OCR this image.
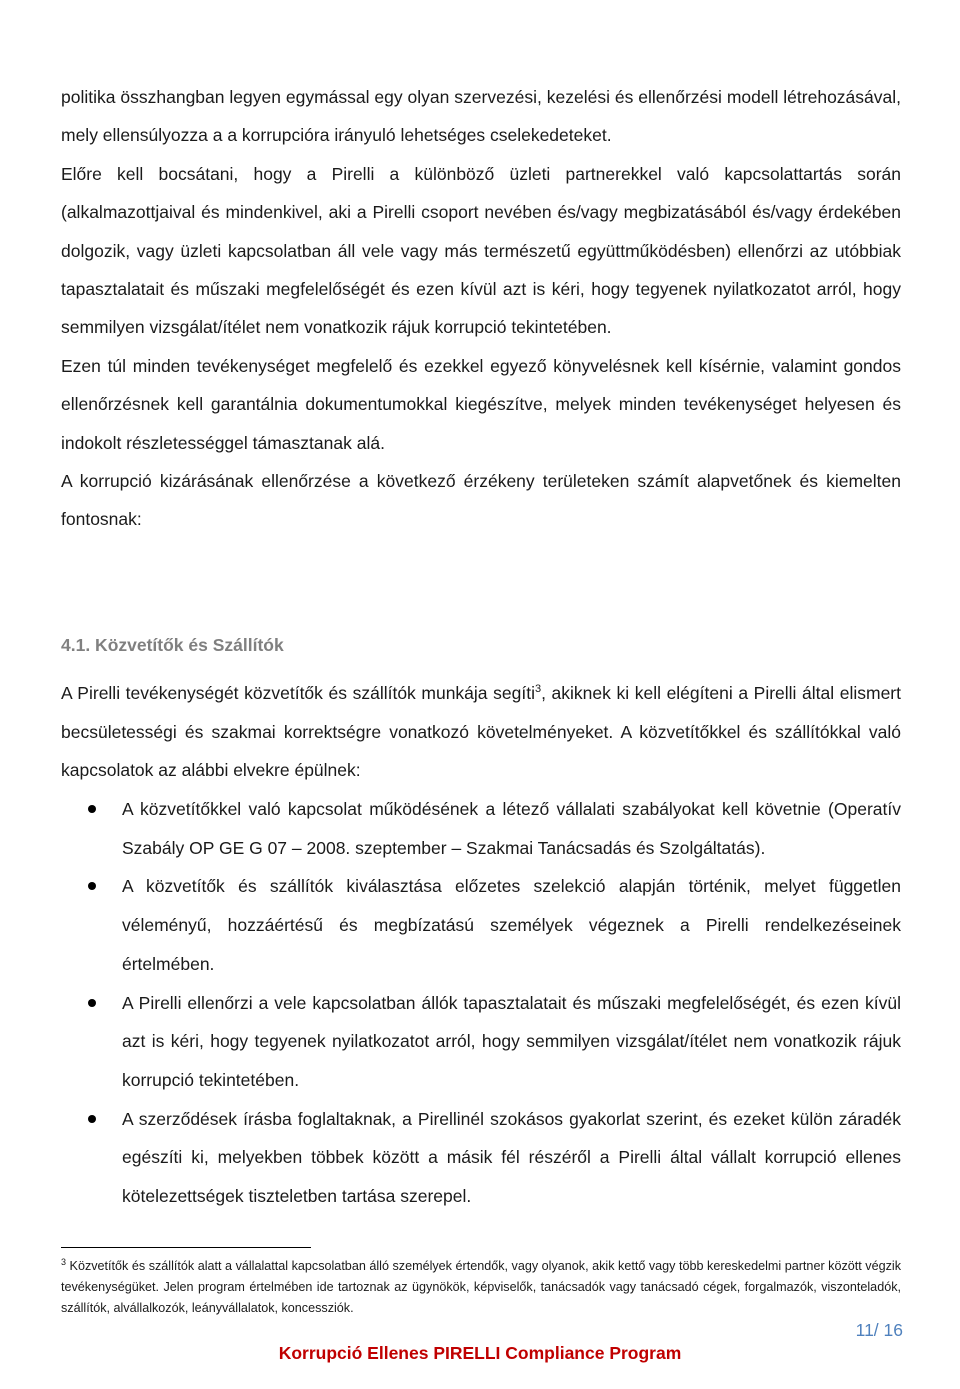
politika összhangban legyen egymással egy olyan szervezési, kezelési és ellenőrzési modell létrehozásával, mely ellensúlyozza a a korrupcióra irányuló lehetséges cselekedeteket.

Előre kell bocsátani, hogy a Pirelli a különböző üzleti partnerekkel való kapcsolattartás során (alkalmazottjaival és mindenkivel, aki a Pirelli csoport nevében és/vagy megbizatásából és/vagy érdekében dolgozik, vagy üzleti kapcsolatban áll vele vagy más természetű együttműködésben) ellenőrzi az utóbbiak tapasztalatait és műszaki megfelelőségét és ezen kívül azt is kéri, hogy tegyenek nyilatkozatot arról, hogy semmilyen vizsgálat/ítélet nem vonatkozik rájuk korrupció tekintetében.

Ezen túl minden tevékenységet megfelelő és ezekkel egyező könyvelésnek kell kísérnie, valamint gondos ellenőrzésnek kell garantálnia dokumentumokkal kiegészítve, melyek minden tevékenységet helyesen és indokolt részletességgel támasztanak alá.

A korrupció kizárásának ellenőrzése a következő érzékeny területeken számít alapvetőnek és kiemelten fontosnak:

4.1. Közvetítők és Szállítók
A Pirelli tevékenységét közvetítők és szállítók munkája segíti$^3$, akiknek ki kell elégíteni a Pirelli által elismert becsületességi és szakmai korrektségre vonatkozó követelményeket. A közvetítőkkel és szállítókkal való kapcsolatok az alábbi elvekre épülnek:
A közvetítőkkel való kapcsolat működésének a létező vállalati szabályokat kell követnie (Operatív Szabály OP GE G 07 – 2008. szeptember – Szakmai Tanácsadás és Szolgáltatás).
A közvetítők és szállítók kiválasztása előzetes szelekció alapján történik, melyet független véleményű, hozzáértésű és megbízatású személyek végeznek a Pirelli rendelkezéseinek értelmében.
A Pirelli ellenőrzi a vele kapcsolatban állók tapasztalatait és műszaki megfelelőségét, és ezen kívül azt is kéri, hogy tegyenek nyilatkozatot arról, hogy semmilyen vizsgálat/ítélet nem vonatkozik rájuk korrupció tekintetében.
A szerződések írásba foglaltaknak, a Pirellinél szokásos gyakorlat szerint, és ezeket külön záradék egészíti ki, melyekben többek között a másik fél részéről a Pirelli által vállalt korrupció ellenes kötelezettségek tiszteletben tartása szerepel.
$^3$ Közvetítők és szállítók alatt a vállalattal kapcsolatban álló személyek értendők, vagy olyanok, akik kettő vagy több kereskedelmi partner között végzik tevékenységüket. Jelen program értelmében ide tartoznak az ügynökök, képviselők, tanácsadók vagy tanácsadó cégek, forgalmazók, viszonteladók, szállítók, alvállalkozók, leányvállalatok, koncessziók.
11/ 16
Korrupció Ellenes PIRELLI Compliance Program
